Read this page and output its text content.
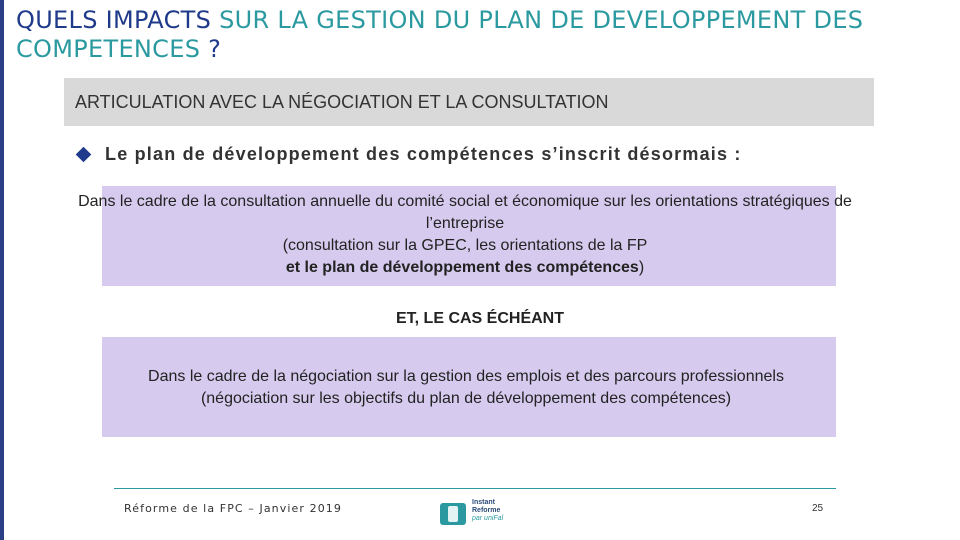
QUELS IMPACTS SUR LA GESTION DU PLAN DE DEVELOPPEMENT DES COMPETENCES ?
ARTICULATION AVEC LA NÉGOCIATION ET LA CONSULTATION
Le plan de développement des compétences s’inscrit désormais :
Dans le cadre de la consultation annuelle du comité social et économique sur les orientations stratégiques de l’entreprise
(consultation sur la GPEC, les orientations de la FP
et le plan de développement des compétences)
ET, LE CAS ÉCHÉANT
Dans le cadre de la négociation sur la gestion des emplois et des parcours professionnels
(négociation sur les objectifs du plan de développement des compétences)
Réforme de la FPC – Janvier 2019	Instant
Reforme
par uniFal
25
